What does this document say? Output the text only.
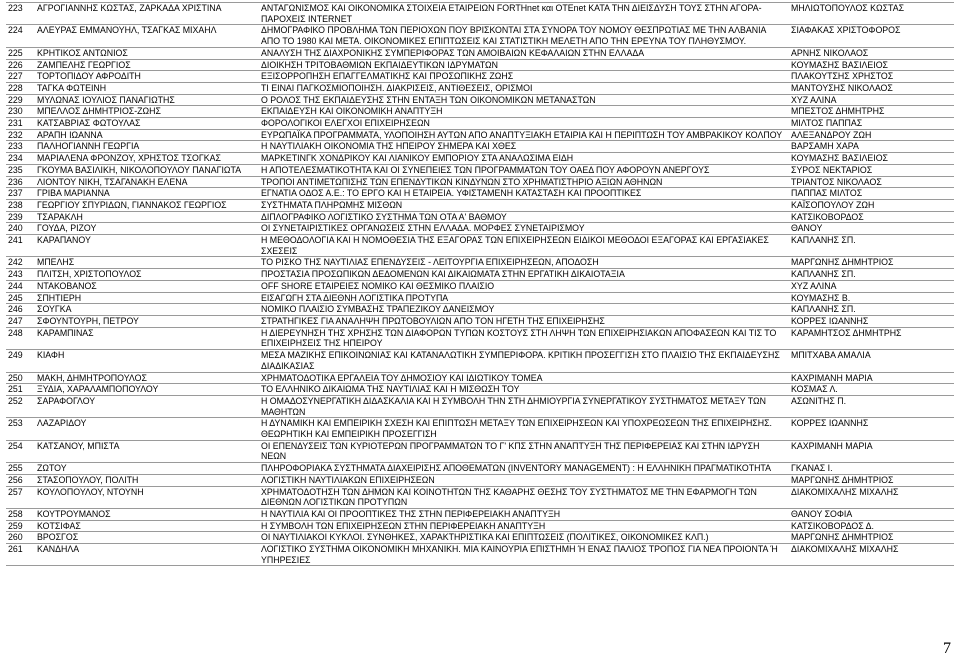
223	ΑΓΡΟΓΙΑΝΝΗΣ ΚΩΣΤΑΣ, ΖΑΡΚΑΔΑ ΧΡΙΣΤΙΝΑ	ΑΝΤΑΓΩΝΙΣΜΟΣ ΚΑΙ ΟΙΚΟΝΟΜΙΚΑ ΣΤΟΙΧΕΙΑ ΕΤΑΙΡΕΙΩΝ FORTHnet και OTEnet ΚΑΤΑ ΤΗΝ ΔΙΕΙΣΔΥΣΗ ΤΟΥΣ ΣΤΗΝ ΑΓΟΡΑ-ΠΑΡΟΧΕΙΣ INTERNET	ΜΗΛΙΩΤΟΠΟΥΛΟΣ ΚΩΣΤΑΣ
224	ΑΛΕΥΡΑΣ ΕΜΜΑΝΟΥΗΛ, ΤΣΑΓΚΑΣ ΜΙΧΑΗΛ	ΔΗΜΟΓΡΑΦΙΚΟ ΠΡΟΒΛΗΜΑ ΤΩΝ ΠΕΡΙΟΧΩΝ ΠΟΥ ΒΡΙΣΚΟΝΤΑΙ ΣΤΑ ΣΥΝΟΡΑ ΤΟΥ ΝΟΜΟΥ ΘΕΣΠΡΩΤΙΑΣ ΜΕ ΤΗΝ ΑΛΒΑΝΙΑ ΑΠΟ ΤΟ 1980 ΚΑΙ ΜΕΤΑ. ΟΙΚΟΝΟΜΙΚΕΣ ΕΠΙΠΤΩΣΕΙΣ ΚΑΙ ΣΤΑΤΙΣΤΙΚΗ ΜΕΛΕΤΗ ΑΠΟ ΤΗΝ ΕΡΕΥΝΑ ΤΟΥ ΠΛΗΘΥΣΜΟΥ.	ΣΙΑΦΑΚΑΣ ΧΡΙΣΤΟΦΟΡΟΣ
225	ΚΡΗΤΙΚΟΣ ΑΝΤΩΝΙΟΣ	ΑΝΑΛΥΣΗ ΤΗΣ ΔΙΑΧΡΟΝΙΚΗΣ ΣΥΜΠΕΡΙΦΟΡΑΣ ΤΩΝ ΑΜΟΙΒΑΙΩΝ ΚΕΦΑΛΑΙΩΝ ΣΤΗΝ ΕΛΛΑΔΑ	ΑΡΝΗΣ ΝΙΚΟΛΑΟΣ
226	ΖΑΜΠΕΛΗΣ ΓΕΩΡΓΙΟΣ	ΔΙΟΙΚΗΣΗ ΤΡΙΤΟΒΑΘΜΙΩΝ ΕΚΠΑΙΔΕΥΤΙΚΩΝ ΙΔΡΥΜΑΤΩΝ	ΚΟΥΜΑΣΗΣ ΒΑΣΙΛΕΙΟΣ
227	ΤΟΡΤΟΠΙΔΟΥ ΑΦΡΟΔΙΤΗ	ΕΞΙΣΟΡΡΟΠΗΣΗ ΕΠΑΓΓΕΛΜΑΤΙΚΗΣ ΚΑΙ ΠΡΟΣΩΠΙΚΗΣ ΖΩΗΣ	ΠΛΑΚΟΥΤΣΗΣ ΧΡΗΣΤΟΣ
228	ΤΑΓΚΑ ΦΩΤΕΙΝΗ	ΤΙ ΕΙΝΑΙ ΠΑΓΚΟΣΜΙΟΠΟΙΗΣΗ. ΔΙΑΚΡΙΣΕΙΣ, ΑΝΤΙΘΕΣΕΙΣ, ΟΡΙΣΜΟΙ	ΜΑΝΤΟΥΣΗΣ ΝΙΚΟΛΑΟΣ
229	ΜΥΛΩΝΑΣ ΙΟΥΛΙΟΣ ΠΑΝΑΓΙΩΤΗΣ	Ο ΡΟΛΟΣ ΤΗΣ ΕΚΠΑΙΔΕΥΣΗΣ ΣΤΗΝ ΕΝΤΑΞΗ ΤΩΝ ΟΙΚΟΝΟΜΙΚΩΝ ΜΕΤΑΝΑΣΤΩΝ	ΧΥΖ ΑΛΙΝΑ
230	ΜΠΕΛΛΟΣ ΔΗΜΗΤΡΙΟΣ-ΖΩΗΣ	ΕΚΠΑΙΔΕΥΣΗ ΚΑΙ ΟΙΚΟΝΟΜΙΚΗ ΑΝΑΠΤΥΞΗ	ΜΠΕΣΤΟΣ ΔΗΜΗΤΡΗΣ
231	ΚΑΤΣΑΒΡΙΑΣ ΦΩΤΟΥΛΑΣ	ΦΟΡΟΛΟΓΙΚΟΙ ΕΛΕΓΧΟΙ ΕΠΙΧΕΙΡΗΣΕΩΝ	ΜΙΛΤΟΣ ΠΑΠΠΑΣ
232	ΑΡΑΠΗ ΙΩΑΝΝΑ	ΕΥΡΩΠΑΪΚΑ ΠΡΟΓΡΑΜΜΑΤΑ, ΥΛΟΠΟΙΗΣΗ ΑΥΤΩΝ ΑΠΟ ΑΝΑΠΤΥΞΙΑΚΗ ΕΤΑΙΡΙΑ ΚΑΙ Η ΠΕΡΙΠΤΩΣΗ ΤΟΥ ΑΜΒΡΑΚΙΚΟΥ ΚΟΛΠΟΥ	ΑΛΕΞΑΝΔΡΟΥ ΖΩΗ
233	ΠΑΛΗΟΓΙΑΝΝΗ ΓΕΩΡΓΙΑ	Η ΝΑΥΤΙΛΙΑΚΗ ΟΙΚΟΝΟΜΙΑ ΤΗΣ ΗΠΕΙΡΟΥ ΣΗΜΕΡΑ ΚΑΙ ΧΘΕΣ	ΒΑΡΣΑΜΗ ΧΑΡΑ
234	ΜΑΡΙΑΛΕΝΑ ΦΡΟΝΖΟΥ, ΧΡΗΣΤΟΣ ΤΣΟΓΚΑΣ	ΜΑΡΚΕΤΙΝΓΚ ΧΟΝΔΡΙΚΟΥ ΚΑΙ ΛΙΑΝΙΚΟΥ ΕΜΠΟΡΙΟΥ ΣΤΑ ΑΝΑΛΩΣΙΜΑ ΕΙΔΗ	ΚΟΥΜΑΣΗΣ ΒΑΣΙΛΕΙΟΣ
235	ΓΚΟΥΜΑ ΒΑΣΙΛΙΚΗ, ΝΙΚΟΛΟΠΟΥΛΟΥ ΠΑΝΑΓΙΩΤΑ	Η ΑΠΟΤΕΛΕΣΜΑΤΙΚΟΤΗΤΑ ΚΑΙ ΟΙ ΣΥΝΕΠΕΙΕΣ ΤΩΝ ΠΡΟΓΡΑΜΜΑΤΩΝ ΤΟΥ ΟΑΕΔ ΠΟΥ ΑΦΟΡΟΥΝ ΑΝΕΡΓΟΥΣ	ΣΥΡΟΣ ΝΕΚΤΑΡΙΟΣ
236	ΛΙΟΝΤΟΥ ΝΙΚΗ, ΤΣΑΓΑΝΑΚΗ ΕΛΕΝΑ	ΤΡΟΠΟΙ ΑΝΤΙΜΕΤΩΠΙΣΗΣ ΤΩΝ ΕΠΕΝΔΥΤΙΚΩΝ ΚΙΝΔΥΝΩΝ ΣΤΟ ΧΡΗΜΑΤΙΣΤΗΡΙΟ ΑΞΙΩΝ ΑΘΗΝΩΝ	ΤΡΙΑΝΤΟΣ ΝΙΚΟΛΑΟΣ
237	ΓΡΙΒΑ ΜΑΡΙΑΝΝΑ	ΕΓΝΑΤΙΑ ΟΔΟΣ Α.Ε.: ΤΟ ΕΡΓΟ ΚΑΙ Η ΕΤΑΙΡΕΙΑ. ΥΦΙΣΤΑΜΕΝΗ ΚΑΤΑΣΤΑΣΗ ΚΑΙ ΠΡΟΟΠΤΙΚΕΣ	ΠΑΠΠΑΣ ΜΙΛΤΟΣ
238	ΓΕΩΡΓΙΟΥ ΣΠΥΡΙΔΩΝ, ΓΙΑΝΝΑΚΟΣ ΓΕΩΡΓΙΟΣ	ΣΥΣΤΗΜΑΤΑ ΠΛΗΡΩΜΗΣ ΜΙΣΘΩΝ	ΚΑΪΣΟΠΟΥΛΟΥ ΖΩΗ
239	ΤΣΑΡΑΚΛΗ	ΔΙΠΛΟΓΡΑΦΙΚΟ ΛΟΓΙΣΤΙΚΟ ΣΥΣΤΗΜΑ ΤΩΝ ΟΤΑ Α' ΒΑΘΜΟΥ	ΚΑΤΣΙΚΟΒΟΡΔΟΣ
240	ΓΟΥΔΑ, ΡΙΖΟΥ	ΟΙ ΣΥΝΕΤΑΙΡΙΣΤΙΚΕΣ ΟΡΓΑΝΩΣΕΙΣ ΣΤΗΝ ΕΛΛΑΔΑ. ΜΟΡΦΕΣ ΣΥΝΕΤΑΙΡΙΣΜΟΥ	ΘΑΝΟΥ
241	ΚΑΡΑΠΑΝΟΥ	Η ΜΕΘΟΔΟΛΟΓΙΑ ΚΑΙ Η ΝΟΜΟΘΕΣΙΑ ΤΗΣ ΕΞΑΓΟΡΑΣ ΤΩΝ ΕΠΙΧΕΙΡΗΣΕΩΝ ΕΙΔΙΚΟΙ ΜΕΘΟΔΟΙ ΕΞΑΓΟΡΑΣ ΚΑΙ ΕΡΓΑΣΙΑΚΕΣ ΣΧΕΣΕΙΣ	ΚΑΠΛΑΝΗΣ ΣΠ.
242	ΜΠΕΛΗΣ	ΤΟ ΡΙΣΚΟ ΤΗΣ ΝΑΥΤΙΛΙΑΣ ΕΠΕΝΔΥΣΕΙΣ - ΛΕΙΤΟΥΡΓΙΑ ΕΠΙΧΕΙΡΗΣΕΩΝ, ΑΠΟΔΟΣΗ	ΜΑΡΓΩΝΗΣ ΔΗΜΗΤΡΙΟΣ
243	ΠΛΙΤΣΗ, ΧΡΙΣΤΟΠΟΥΛΟΣ	ΠΡΟΣΤΑΣΙΑ ΠΡΟΣΩΠΙΚΩΝ ΔΕΔΟΜΕΝΩΝ ΚΑΙ ΔΙΚΑΙΩΜΑΤΑ ΣΤΗΝ ΕΡΓΑΤΙΚΗ ΔΙΚΑΙΟΤΑΞΙΑ	ΚΑΠΛΑΝΗΣ ΣΠ.
244	ΝΤΑΚΟΒΑΝΟΣ	OFF SHORE ΕΤΑΙΡΕΙΕΣ ΝΟΜΙΚΟ ΚΑΙ ΘΕΣΜΙΚΟ ΠΛΑΙΣΙΟ	ΧΥΖ ΑΛΙΝΑ
245	ΣΠΗΤΙΕΡΗ	ΕΙΣΑΓΩΓΗ ΣΤΑ ΔΙΕΘΝΗ ΛΟΓΙΣΤΙΚΑ ΠΡΟΤΥΠΑ	ΚΟΥΜΑΣΗΣ Β.
246	ΣΟΥΓΚΑ	ΝΟΜΙΚΟ ΠΛΑΙΣΙΟ ΣΥΜΒΑΣΗΣ ΤΡΑΠΕΖΙΚΟΥ ΔΑΝΕΙΣΜΟΥ	ΚΑΠΛΑΝΗΣ ΣΠ.
247	ΣΦΟΥΝΤΟΥΡΗ, ΠΕΤΡΟΥ	ΣΤΡΑΤΗΓΙΚΕΣ ΓΙΑ ΑΝΑΛΗΨΗ ΠΡΩΤΟΒΟΥΛΙΩΝ ΑΠΟ ΤΟΝ ΗΓΕΤΗ ΤΗΣ ΕΠΙΧΕΙΡΗΣΗΣ	ΚΟΡΡΕΣ ΙΩΑΝΝΗΣ
248	ΚΑΡΑΜΠΙΝΑΣ	Η ΔΙΕΡΕΥΝΗΣΗ ΤΗΣ ΧΡΗΣΗΣ ΤΩΝ ΔΙΑΦΟΡΩΝ ΤΥΠΩΝ ΚΟΣΤΟΥΣ ΣΤΗ ΛΗΨΗ ΤΩΝ ΕΠΙΧΕΙΡΗΣΙΑΚΩΝ ΑΠΟΦΑΣΕΩΝ ΚΑΙ ΤΙΣ ΤΟ ΕΠΙΧΕΙΡΗΣΕΙΣ ΤΗΣ ΗΠΕΙΡΟΥ	ΚΑΡΑΜΗΤΣΟΣ ΔΗΜΗΤΡΗΣ
249	ΚΙΑΦΗ	ΜΕΣΑ ΜΑΖΙΚΗΣ ΕΠΙΚΟΙΝΩΝΙΑΣ ΚΑΙ ΚΑΤΑΝΑΛΩΤΙΚΗ ΣΥΜΠΕΡΙΦΟΡΑ. ΚΡΙΤΙΚΗ ΠΡΟΣΕΓΓΙΣΗ ΣΤΟ ΠΛΑΙΣΙΟ ΤΗΣ ΕΚΠΑΙΔΕΥΣΗΣ ΔΙΑΔΙΚΑΣΙΑΣ	ΜΠΙΤΧΑΒΑ ΑΜΑΛΙΑ
250	ΜΑΚΗ, ΔΗΜΗΤΡΟΠΟΥΛΟΣ	ΧΡΗΜΑΤΟΔΟΤΙΚΑ ΕΡΓΑΛΕΙΑ ΤΟΥ ΔΗΜΟΣΙΟΥ ΚΑΙ ΙΔΙΩΤΙΚΟΥ ΤΟΜΕΑ	ΚΑΧΡΙΜΑΝΗ ΜΑΡΙΑ
251	ΞΥΔΙΑ, ΧΑΡΑΛΑΜΠΟΠΟΥΛΟΥ	ΤΟ ΕΛΛΗΝΙΚΟ ΔΙΚΑΙΩΜΑ ΤΗΣ ΝΑΥΤΙΛΙΑΣ ΚΑΙ Η ΜΙΣΘΩΣΗ ΤΟΥ	ΚΟΣΜΑΣ Λ.
252	ΣΑΡΑΦΟΓΛΟΥ	Η ΟΜΑΔΟΣΥΝΕΡΓΑΤΙΚΗ ΔΙΔΑΣΚΑΛΙΑ ΚΑΙ Η ΣΥΜΒΟΛΗ ΤΗΝ ΣΤΗ ΔΗΜΙΟΥΡΓΙΑ ΣΥΝΕΡΓΑΤΙΚΟΥ ΣΥΣΤΗΜΑΤΟΣ ΜΕΤΑΞΥ ΤΩΝ ΜΑΘΗΤΩΝ	ΑΣΩΝΙΤΗΣ Π.
253	ΛΑΖΑΡΙΔΟΥ	Η ΔΥΝΑΜΙΚΗ ΚΑΙ ΕΜΠΕΙΡΙΚΗ ΣΧΕΣΗ ΚΑΙ ΕΠΙΠΤΩΣΗ ΜΕΤΑΞΥ ΤΩΝ ΕΠΙΧΕΙΡΗΣΕΩΝ ΚΑΙ ΥΠΟΧΡΕΩΣΕΩΝ ΤΗΣ ΕΠΙΧΕΙΡΗΣΗΣ. ΘΕΩΡΗΤΙΚΗ ΚΑΙ ΕΜΠΕΙΡΙΚΗ ΠΡΟΣΕΓΓΙΣΗ	ΚΟΡΡΕΣ ΙΩΑΝΝΗΣ
254	ΚΑΤΣΑΝΟΥ, ΜΠΙΣΤΑ	ΟΙ ΕΠΕΝΔΥΣΕΙΣ ΤΩΝ ΚΥΡΙΟΤΕΡΩΝ ΠΡΟΓΡΑΜΜΑΤΩΝ ΤΟ Γ' ΚΠΣ ΣΤΗΝ ΑΝΑΠΤΥΞΗ ΤΗΣ ΠΕΡΙΦΕΡΕΙΑΣ ΚΑΙ ΣΤΗΝ ΙΔΡΥΣΗ ΝΕΩΝ	ΚΑΧΡΙΜΑΝΗ ΜΑΡΙΑ
255	ΖΩΤΟΥ	ΠΛΗΡΟΦΟΡΙΑΚΑ ΣΥΣΤΗΜΑΤΑ ΔΙΑΧΕΙΡΙΣΗΣ ΑΠΟΘΕΜΑΤΩΝ (INVENTORY MANAGEMENT) : Η ΕΛΛΗΝΙΚΗ ΠΡΑΓΜΑΤΙΚΟΤΗΤΑ	ΓΚΑΝΑΣ Ι.
256	ΣΤΑΣΟΠΟΥΛΟΥ, ΠΟΛΙΤΗ	ΛΟΓΙΣΤΙΚΗ ΝΑΥΤΙΛΙΑΚΩΝ ΕΠΙΧΕΙΡΗΣΕΩΝ	ΜΑΡΓΩΝΗΣ ΔΗΜΗΤΡΙΟΣ
257	ΚΟΥΛΟΠΟΥΛΟΥ, ΝΤΟΥΝΗ	ΧΡΗΜΑΤΟΔΟΤΗΣΗ ΤΩΝ ΔΗΜΩΝ ΚΑΙ ΚΟΙΝΟΤΗΤΩΝ ΤΗΣ ΚΑΘΑΡΗΣ ΘΕΣΗΣ ΤΟΥ ΣΥΣΤΗΜΑΤΟΣ ΜΕ ΤΗΝ ΕΦΑΡΜΟΓΗ ΤΩΝ ΔΙΕΘΝΩΝ ΛΟΓΙΣΤΙΚΩΝ ΠΡΟΤΥΠΩΝ	ΔΙΑΚΟΜΙΧΑΛΗΣ ΜΙΧΑΛΗΣ
258	ΚΟΥΤΡΟΥΜΑΝΟΣ	Η ΝΑΥΤΙΛΙΑ ΚΑΙ ΟΙ ΠΡΟΟΠΤΙΚΕΣ ΤΗΣ ΣΤΗΝ ΠΕΡΙΦΕΡΕΙΑΚΗ ΑΝΑΠΤΥΞΗ	ΘΑΝΟΥ ΣΟΦΙΑ
259	ΚΟΤΣΙΦΑΣ	Η ΣΥΜΒΟΛΗ ΤΩΝ ΕΠΙΧΕΙΡΗΣΕΩΝ ΣΤΗΝ ΠΕΡΙΦΕΡΕΙΑΚΗ ΑΝΑΠΤΥΞΗ	ΚΑΤΣΙΚΟΒΟΡΔΟΣ Δ.
260	ΒΡΟΣΓΟΣ	ΟΙ ΝΑΥΤΙΛΙΑΚΟΙ ΚΥΚΛΟΙ. ΣΥΝΘΗΚΕΣ, ΧΑΡΑΚΤΗΡΙΣΤΙΚΑ ΚΑΙ ΕΠΙΠΤΩΣΕΙΣ (ΠΟΛΙΤΙΚΕΣ, ΟΙΚΟΝΟΜΙΚΕΣ ΚΛΠ.)	ΜΑΡΓΩΝΗΣ ΔΗΜΗΤΡΙΟΣ
261	ΚΑΝΔΗΛΑ	ΛΟΓΙΣΤΙΚΟ ΣΥΣΤΗΜΑ ΟΙΚΟΝΟΜΙΚΗ ΜΗΧΑΝΙΚΗ. ΜΙΑ ΚΑΙΝΟΥΡΙΑ ΕΠΙΣΤΗΜΗ Ή ΕΝΑΣ ΠΑΛΙΟΣ ΤΡΟΠΟΣ ΓΙΑ ΝΕΑ ΠΡΟΙΟΝΤΑ Ή ΥΠΗΡΕΣΙΕΣ	ΔΙΑΚΟΜΙΧΑΛΗΣ ΜΙΧΑΛΗΣ
7
